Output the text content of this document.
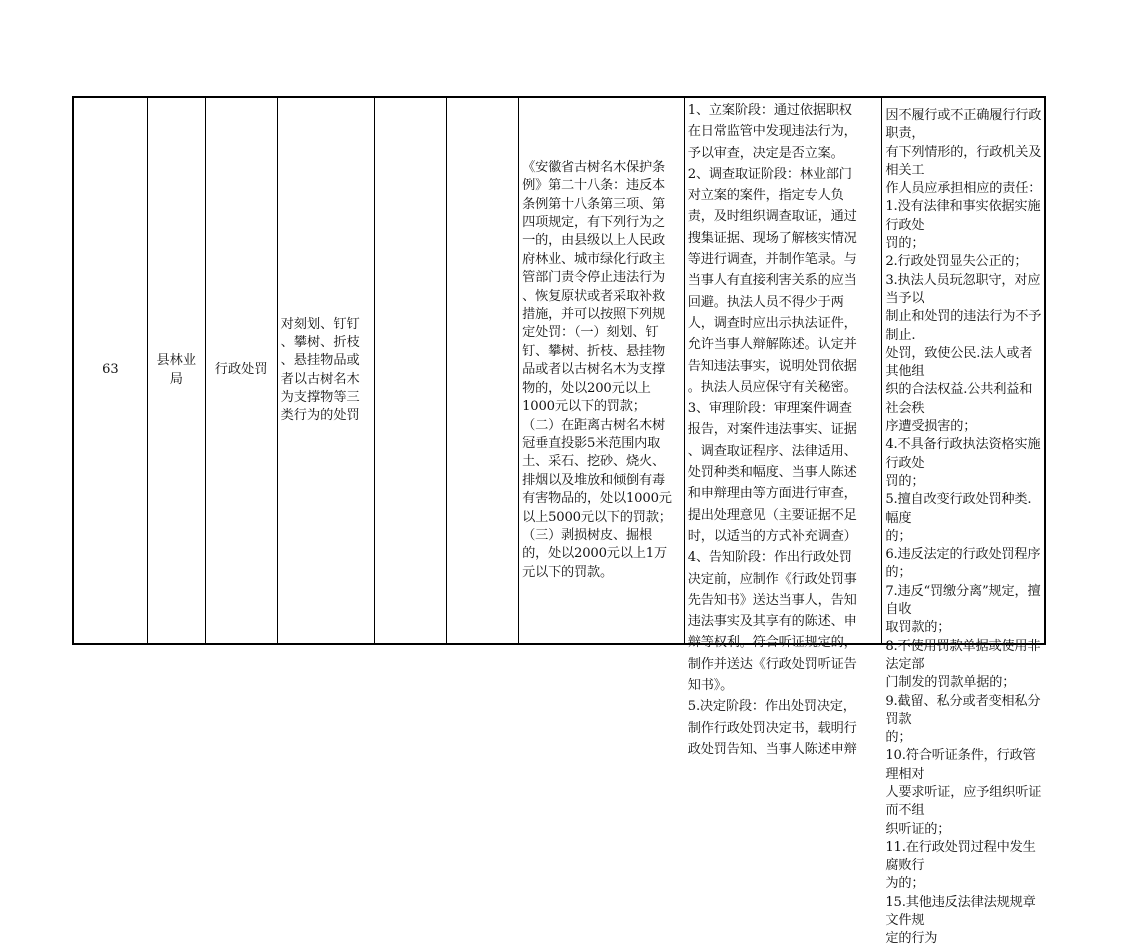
63
县林业
局
行政处罚
对刻划、钉钉
、攀树、折枝
、悬挂物品或
者以古树名木
为支撑物等三
类行为的处罚
《安徽省古树名木保护条
例》第二十八条：违反本
条例第十八条第三项、第
四项规定，有下列行为之
一的，由县级以上人民政
府林业、城市绿化行政主
管部门责令停止违法行为
、恢复原状或者采取补救
措施，并可以按照下列规
定处罚：（一）刻划、钉
钉、攀树、折枝、悬挂物
品或者以古树名木为支撑
物的，处以200元以上
1000元以下的罚款；
（二）在距离古树名木树
冠垂直投影5米范围内取
土、采石、挖砂、烧火、
排烟以及堆放和倾倒有毒
有害物品的，处以1000元
以上5000元以下的罚款；
（三）剥损树皮、掘根
的，处以2000元以上1万
元以下的罚款。
1、立案阶段：通过依据职权
在日常监管中发现违法行为，
予以审查，决定是否立案。
2、调查取证阶段：林业部门
对立案的案件，指定专人负
责，及时组织调查取证，通过
搜集证据、现场了解核实情况
等进行调查，并制作笔录。与
当事人有直接利害关系的应当
回避。执法人员不得少于两
人，调查时应出示执法证件，
允许当事人辩解陈述。认定并
告知违法事实，说明处罚依据
。执法人员应保守有关秘密。
3、审理阶段：审理案件调查
报告，对案件违法事实、证据
、调查取证程序、法律适用、
处罚种类和幅度、当事人陈述
和申辩理由等方面进行审查，
提出处理意见（主要证据不足
时，以适当的方式补充调查）
4、告知阶段：作出行政处罚
决定前，应制作《行政处罚事
先告知书》送达当事人，告知
违法事实及其享有的陈述、申
辩等权利。符合听证规定的，
制作并送达《行政处罚听证告
知书》。
5.决定阶段：作出处罚决定，
制作行政处罚决定书，载明行
政处罚告知、当事人陈述申辩
因不履行或不正确履行行政职责，
有下列情形的，行政机关及相关工
作人员应承担相应的责任：
1.没有法律和事实依据实施行政处
罚的；
2.行政处罚显失公正的；
3.执法人员玩忽职守，对应当予以
制止和处罚的违法行为不予制止.
处罚，致使公民.法人或者其他组
织的合法权益.公共利益和社会秩
序遭受损害的；
4.不具备行政执法资格实施行政处
罚的；
5.擅自改变行政处罚种类.幅度
的；
6.违反法定的行政处罚程序的；
7.违反“罚缴分离”规定，擅自收
取罚款的；
8.不使用罚款单据或使用非法定部
门制发的罚款单据的；
9.截留、私分或者变相私分罚款
的；
10.符合听证条件，行政管理相对
人要求听证，应予组织听证而不组
织听证的；
11.在行政处罚过程中发生腐败行
为的；
15.其他违反法律法规规章文件规
定的行为
